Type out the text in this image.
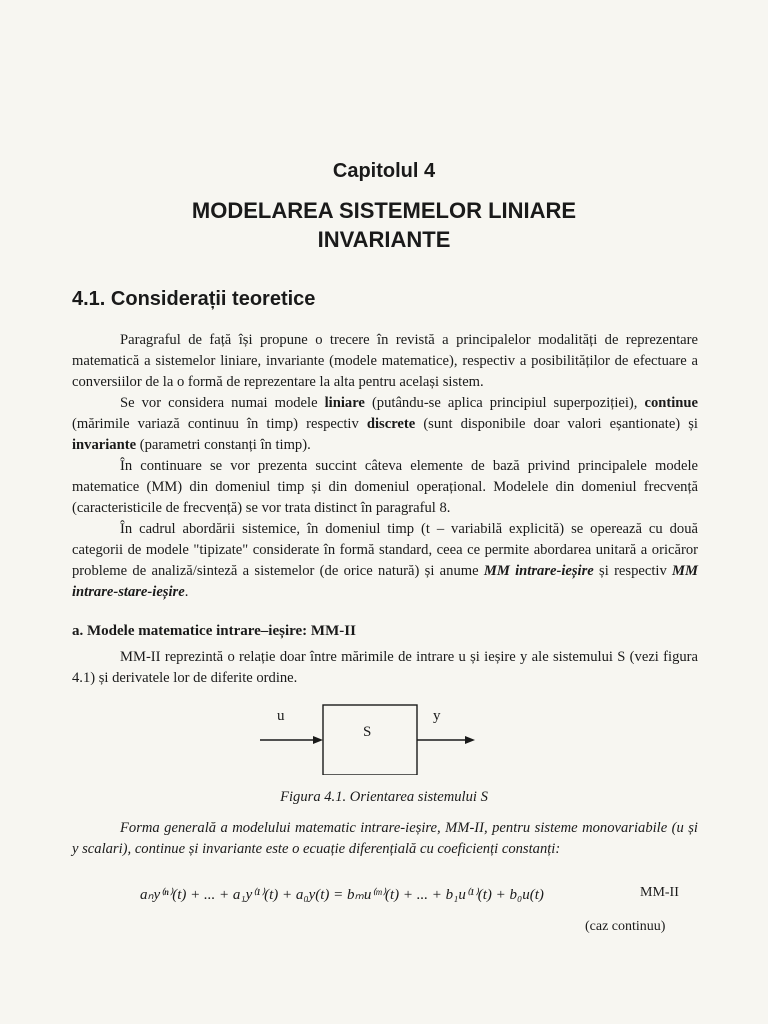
Capitolul 4
MODELAREA SISTEMELOR LINIARE
INVARIANTE
4.1. Considerații teoretice

Paragraful de față își propune o trecere în revistă a principalelor modalități de reprezentare matematică a sistemelor liniare, invariante (modele matematice), respectiv a posibilităților de efectuare a conversiilor de la o formă de reprezentare la alta pentru același sistem.

Se vor considera numai modele liniare (putându-se aplica principiul superpoziției), continue (mărimile variază continuu în timp) respectiv discrete (sunt disponibile doar valori eșantionate) și invariante (parametri constanți în timp).

În continuare se vor prezenta succint câteva elemente de bază privind principalele modele matematice (MM) din domeniul timp și din domeniul operațional. Modelele din domeniul frecvență (caracteristicile de frecvență) se vor trata distinct în paragraful 8.

În cadrul abordării sistemice, în domeniul timp (t – variabilă explicită) se operează cu două categorii de modele "tipizate" considerate în formă standard, ceea ce permite abordarea unitară a oricăror probleme de analiză/sinteză a sistemelor (de orice natură) și anume MM intrare-ieșire și respectiv MM intrare-stare-ieșire.

a. Modele matematice intrare–ieșire: MM-II

MM-II reprezintă o relație doar între mărimile de intrare u și ieșire y ale sistemului S (vezi figura 4.1) și derivatele lor de diferite ordine.

u
S
y
Figura 4.1. Orientarea sistemului S

Forma generală a modelului matematic intrare-ieșire, MM-II, pentru sisteme monovariabile (u și y scalari), continue și invariante este o ecuație diferențială cu coeficienți constanți:

aₙy⁽ⁿ⁾(t) + ... + a₁y⁽¹⁾(t) + a₀y(t) = bₘu⁽ᵐ⁾(t) + ... + b₁u⁽¹⁾(t) + b₀u(t)	MM-II
(caz continuu)
